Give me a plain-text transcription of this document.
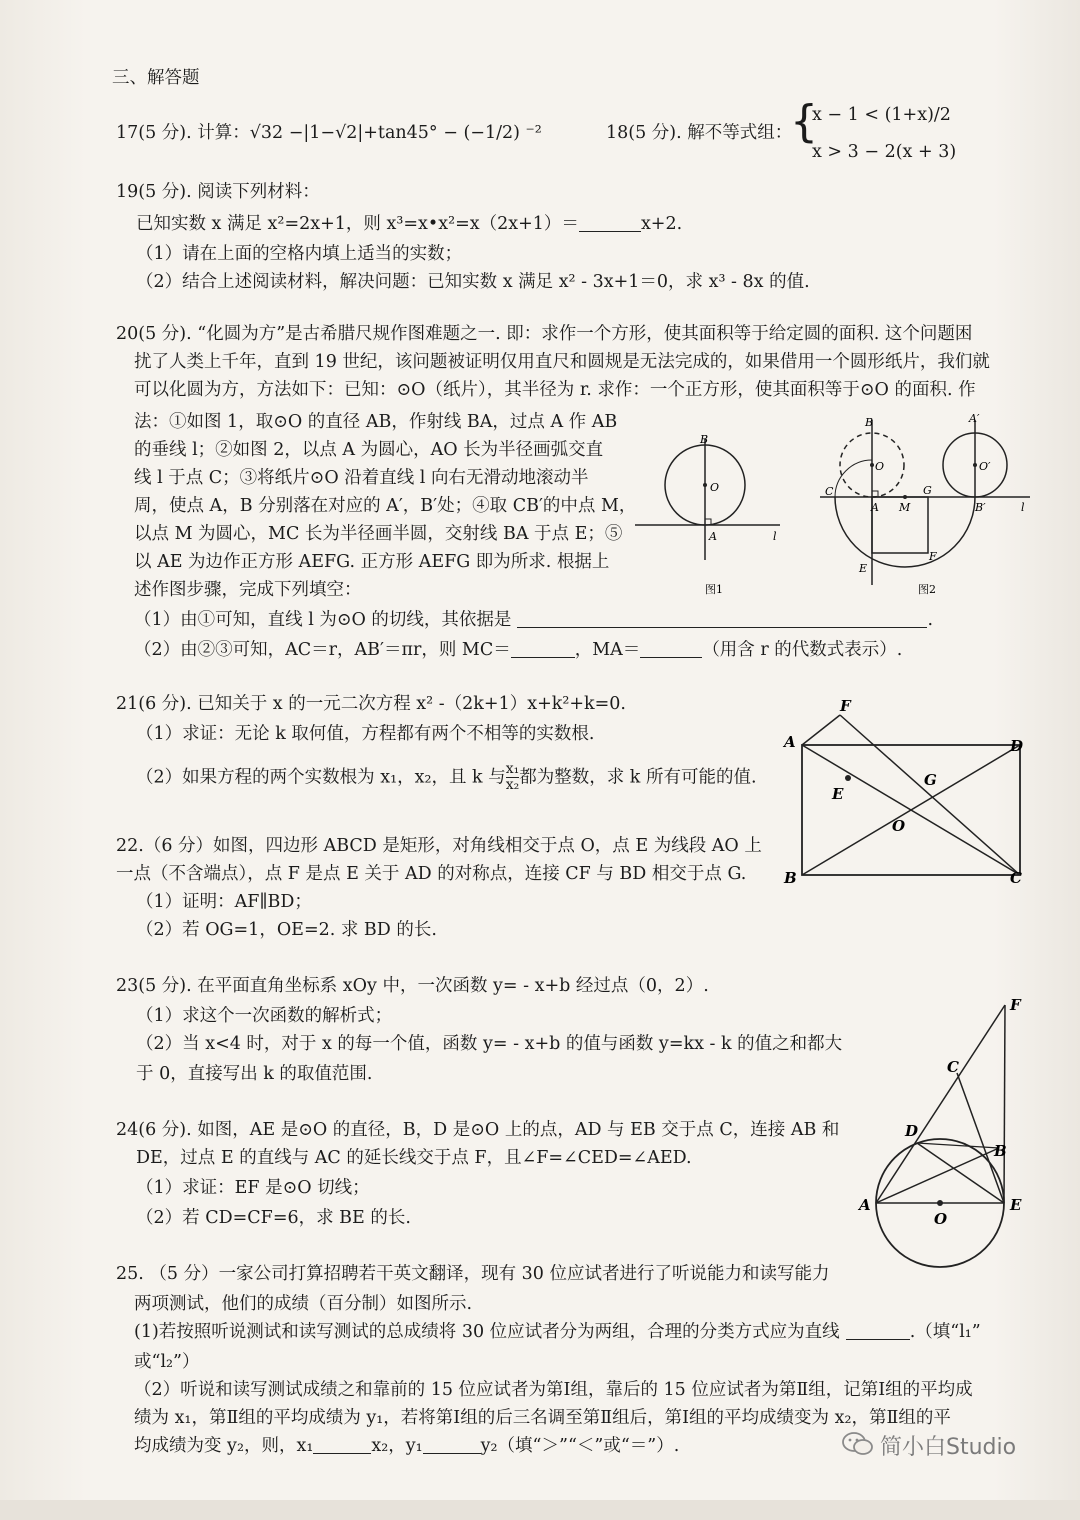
三、解答题
17(5 分). 计算：√32 −|1−√2|+tan45° − (−1/2) ⁻²	18(5 分). 解不等式组：
{
x − 1 < (1+x)/2
x > 3 − 2(x + 3)
19(5 分). 阅读下列材料：
已知实数 x 满足 x²=2x+1，则 x³=x•x²=x（2x+1）＝	x+2.
（1）请在上面的空格内填上适当的实数；
（2）结合上述阅读材料，解决问题：已知实数 x 满足 x² - 3x+1＝0，求 x³ - 8x 的值.
20(5 分). “化圆为方”是古希腊尺规作图难题之一. 即：求作一个方形，使其面积等于给定圆的面积. 这个问题困
扰了人类上千年，直到 19 世纪，该问题被证明仅用直尺和圆规是无法完成的，如果借用一个圆形纸片，我们就
可以化圆为方，方法如下：已知：⊙O（纸片），其半径为 r. 求作：一个正方形，使其面积等于⊙O 的面积. 作
法：①如图 1，取⊙O 的直径 AB，作射线 BA，过点 A 作 AB
的垂线 l；②如图 2，以点 A 为圆心，AO 长为半径画弧交直
线 l 于点 C；③将纸片⊙O 沿着直线 l 向右无滑动地滚动半
周，使点 A，B 分别落在对应的 A′，B′处；④取 CB′的中点 M，
以点 M 为圆心，MC 长为半径画半圆，交射线 BA 于点 E；⑤
以 AE 为边作正方形 AEFG. 正方形 AEFG 即为所求. 根据上
述作图步骤，完成下列填空：
（1）由①可知，直线 l 为⊙O 的切线，其依据是	.
（2）由②③可知，AC＝r，AB′＝πr，则 MC＝	，MA＝	（用含 r 的代数式表示）.
B
O
A	l
图1
B
O
A′
O′
C
A M
G
B′	l
E
F
图2
21(6 分). 已知关于 x 的一元二次方程 x² -（2k+1）x+k²+k=0.
（1）求证：无论 k 取何值，方程都有两个不相等的实数根.
（2）如果方程的两个实数根为 x₁，x₂，且 k 与 $\frac{\text{x₁}}{\text{x₂}}$ 都为整数，求 k 所有可能的值.
22.（6 分）如图，四边形 ABCD 是矩形，对角线相交于点 O，点 E 为线段 AO 上
一点（不含端点），点 F 是点 E 关于 AD 的对称点，连接 CF 与 BD 相交于点 G.
（1）证明：AF∥BD；
（2）若 OG=1，OE=2. 求 BD 的长.
F
A	D
E
G
O
B	C
23(5 分). 在平面直角坐标系 xOy 中，一次函数 y= - x+b 经过点（0，2）.
（1）求这个一次函数的解析式；
（2）当 x<4 时，对于 x 的每一个值，函数 y= - x+b 的值与函数 y=kx - k 的值之和都大
于 0，直接写出 k 的取值范围.
24(6 分). 如图，AE 是⊙O 的直径，B，D 是⊙O 上的点，AD 与 EB 交于点 C，连接 AB 和
DE，过点 E 的直线与 AC 的延长线交于点 F，且∠F=∠CED=∠AED.
（1）求证：EF 是⊙O 切线；
（2）若 CD=CF=6，求 BE 的长.
F
C
D
B
A	E
O
25. （5 分）一家公司打算招聘若干英文翻译，现有 30 位应试者进行了听说能力和读写能力
两项测试，他们的成绩（百分制）如图所示.
(1)若按照听说测试和读写测试的总成绩将 30 位应试者分为两组，合理的分类方式应为直线	.（填“l₁”
或“l₂”）
（2）听说和读写测试成绩之和靠前的 15 位应试者为第Ⅰ组，靠后的 15 位应试者为第Ⅱ组，记第Ⅰ组的平均成
绩为 x₁，第Ⅱ组的平均成绩为 y₁，若将第Ⅰ组的后三名调至第Ⅱ组后，第Ⅰ组的平均成绩变为 x₂，第Ⅱ组的平
均成绩为变 y₂，则，x₁	x₂，y₁	y₂（填“＞”“＜”或“＝”）.	简小白Studio
